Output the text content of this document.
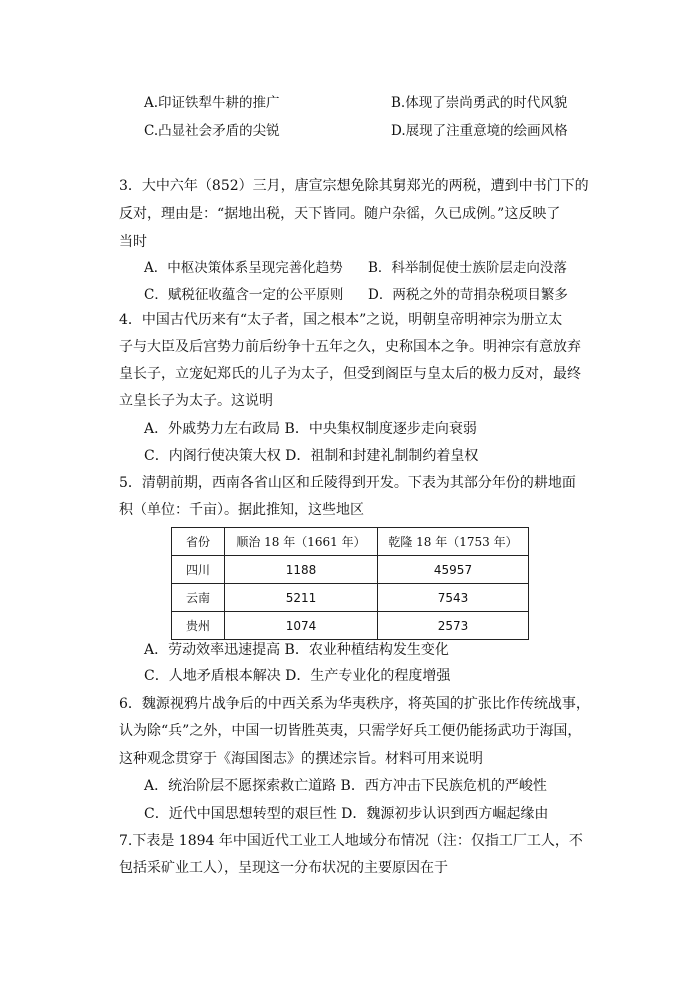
A.印证铁犁牛耕的推广	B.体现了崇尚勇武的时代风貌
C.凸显社会矛盾的尖锐	D.展现了注重意境的绘画风格
3．大中六年（852）三月，唐宣宗想免除其舅郑光的两税，遭到中书门下的
反对，理由是：“据地出税，天下皆同。随户杂徭，久已成例。”这反映了
当时
A．中枢决策体系呈现完善化趋势 B．科举制促使士族阶层走向没落
C．赋税征收蕴含一定的公平原则 D．两税之外的苛捐杂税项目繁多
4．中国古代历来有“太子者，国之根本”之说，明朝皇帝明神宗为册立太
子与大臣及后宫势力前后纷争十五年之久，史称国本之争。明神宗有意放弃
皇长子，立宠妃郑氏的儿子为太子，但受到阁臣与皇太后的极力反对，最终
立皇长子为太子。这说明
A．外戚势力左右政局 B．中央集权制度逐步走向衰弱
C．内阁行使决策大权 D．祖制和封建礼制制约着皇权
5．清朝前期，西南各省山区和丘陵得到开发。下表为其部分年份的耕地面
积（单位：千亩）。据此推知，这些地区
省份	顺治 18 年（1661 年）	乾隆 18 年（1753 年）
四川	1188	45957
云南	5211	7543
贵州	1074	2573
A．劳动效率迅速提高 B．农业种植结构发生变化
C．人地矛盾根本解决 D．生产专业化的程度增强
6．魏源视鸦片战争后的中西关系为华夷秩序，将英国的扩张比作传统战事，
认为除“兵”之外，中国一切皆胜英夷，只需学好兵工便仍能扬武功于海国，
这种观念贯穿于《海国图志》的撰述宗旨。材料可用来说明
A．统治阶层不愿探索救亡道路 B．西方冲击下民族危机的严峻性
C．近代中国思想转型的艰巨性 D．魏源初步认识到西方崛起缘由
7.下表是 1894 年中国近代工业工人地域分布情况（注：仅指工厂工人，不
包括采矿业工人），呈现这一分布状况的主要原因在于
